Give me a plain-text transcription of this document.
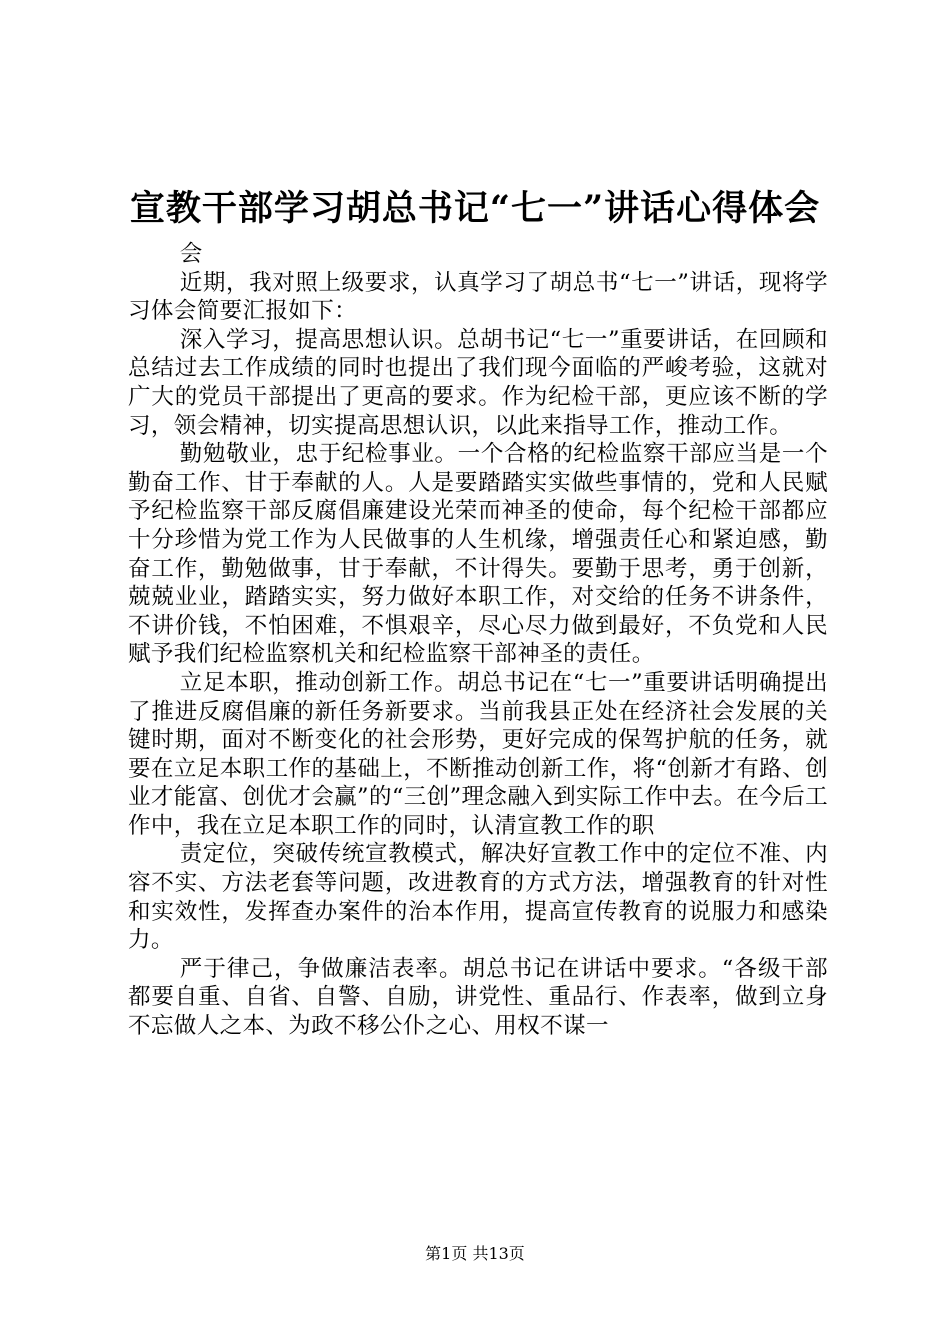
宣教干部学习胡总书记“七一”讲话心得体会

会

近期，我对照上级要求，认真学习了胡总书“七一”讲话，现将学习体会简要汇报如下：

深入学习，提高思想认识。总胡书记“七一”重要讲话，在回顾和总结过去工作成绩的同时也提出了我们现今面临的严峻考验，这就对广大的党员干部提出了更高的要求。作为纪检干部，更应该不断的学习，领会精神，切实提高思想认识，以此来指导工作，推动工作。

勤勉敬业，忠于纪检事业。一个合格的纪检监察干部应当是一个勤奋工作、甘于奉献的人。人是要踏踏实实做些事情的，党和人民赋予纪检监察干部反腐倡廉建设光荣而神圣的使命，每个纪检干部都应十分珍惜为党工作为人民做事的人生机缘，增强责任心和紧迫感，勤奋工作，勤勉做事，甘于奉献，不计得失。要勤于思考，勇于创新，兢兢业业，踏踏实实，努力做好本职工作，对交给的任务不讲条件，不讲价钱，不怕困难，不惧艰辛，尽心尽力做到最好，不负党和人民赋予我们纪检监察机关和纪检监察干部神圣的责任。

立足本职，推动创新工作。胡总书记在“七一”重要讲话明确提出了推进反腐倡廉的新任务新要求。当前我县正处在经济社会发展的关键时期，面对不断变化的社会形势，更好完成的保驾护航的任务，就要在立足本职工作的基础上，不断推动创新工作，将“创新才有路、创业才能富、创优才会赢”的“三创”理念融入到实际工作中去。在今后工作中，我在立足本职工作的同时，认清宣教工作的职

责定位，突破传统宣教模式，解决好宣教工作中的定位不准、内容不实、方法老套等问题，改进教育的方式方法，增强教育的针对性和实效性，发挥查办案件的治本作用，提高宣传教育的说服力和感染力。

严于律己，争做廉洁表率。胡总书记在讲话中要求。“各级干部都要自重、自省、自警、自励，讲党性、重品行、作表率，做到立身不忘做人之本、为政不移公仆之心、用权不谋一

第1页 共13页
